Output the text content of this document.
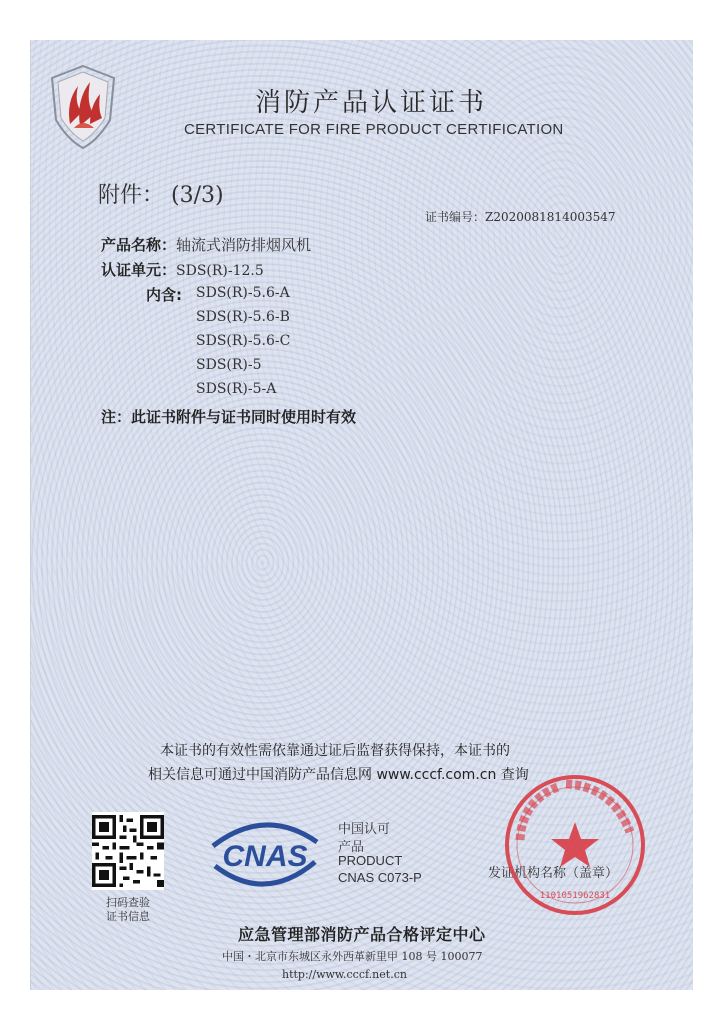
消防产品认证证书
CERTIFICATE FOR FIRE PRODUCT CERTIFICATION
附件： (3/3)
证书编号：Z2020081814003547
产品名称：轴流式消防排烟风机
认证单元：SDS(R)-12.5
内含: SDS(R)-5.6-A
SDS(R)-5.6-B
SDS(R)-5.6-C
SDS(R)-5
SDS(R)-5-A
注：此证书附件与证书同时使用时有效
本证书的有效性需依靠通过证后监督获得保持，本证书的
相关信息可通过中国消防产品信息网 www.cccf.com.cn 查询
扫码查验
证书信息
CNAS
中国认可
产品
PRODUCT
CNAS C073-P	发证机构名称（盖章）
1101051962831
应急管理部消防产品合格评定中心
中国・北京市东城区永外西革新里甲 108 号 100077
http://www.cccf.net.cn
